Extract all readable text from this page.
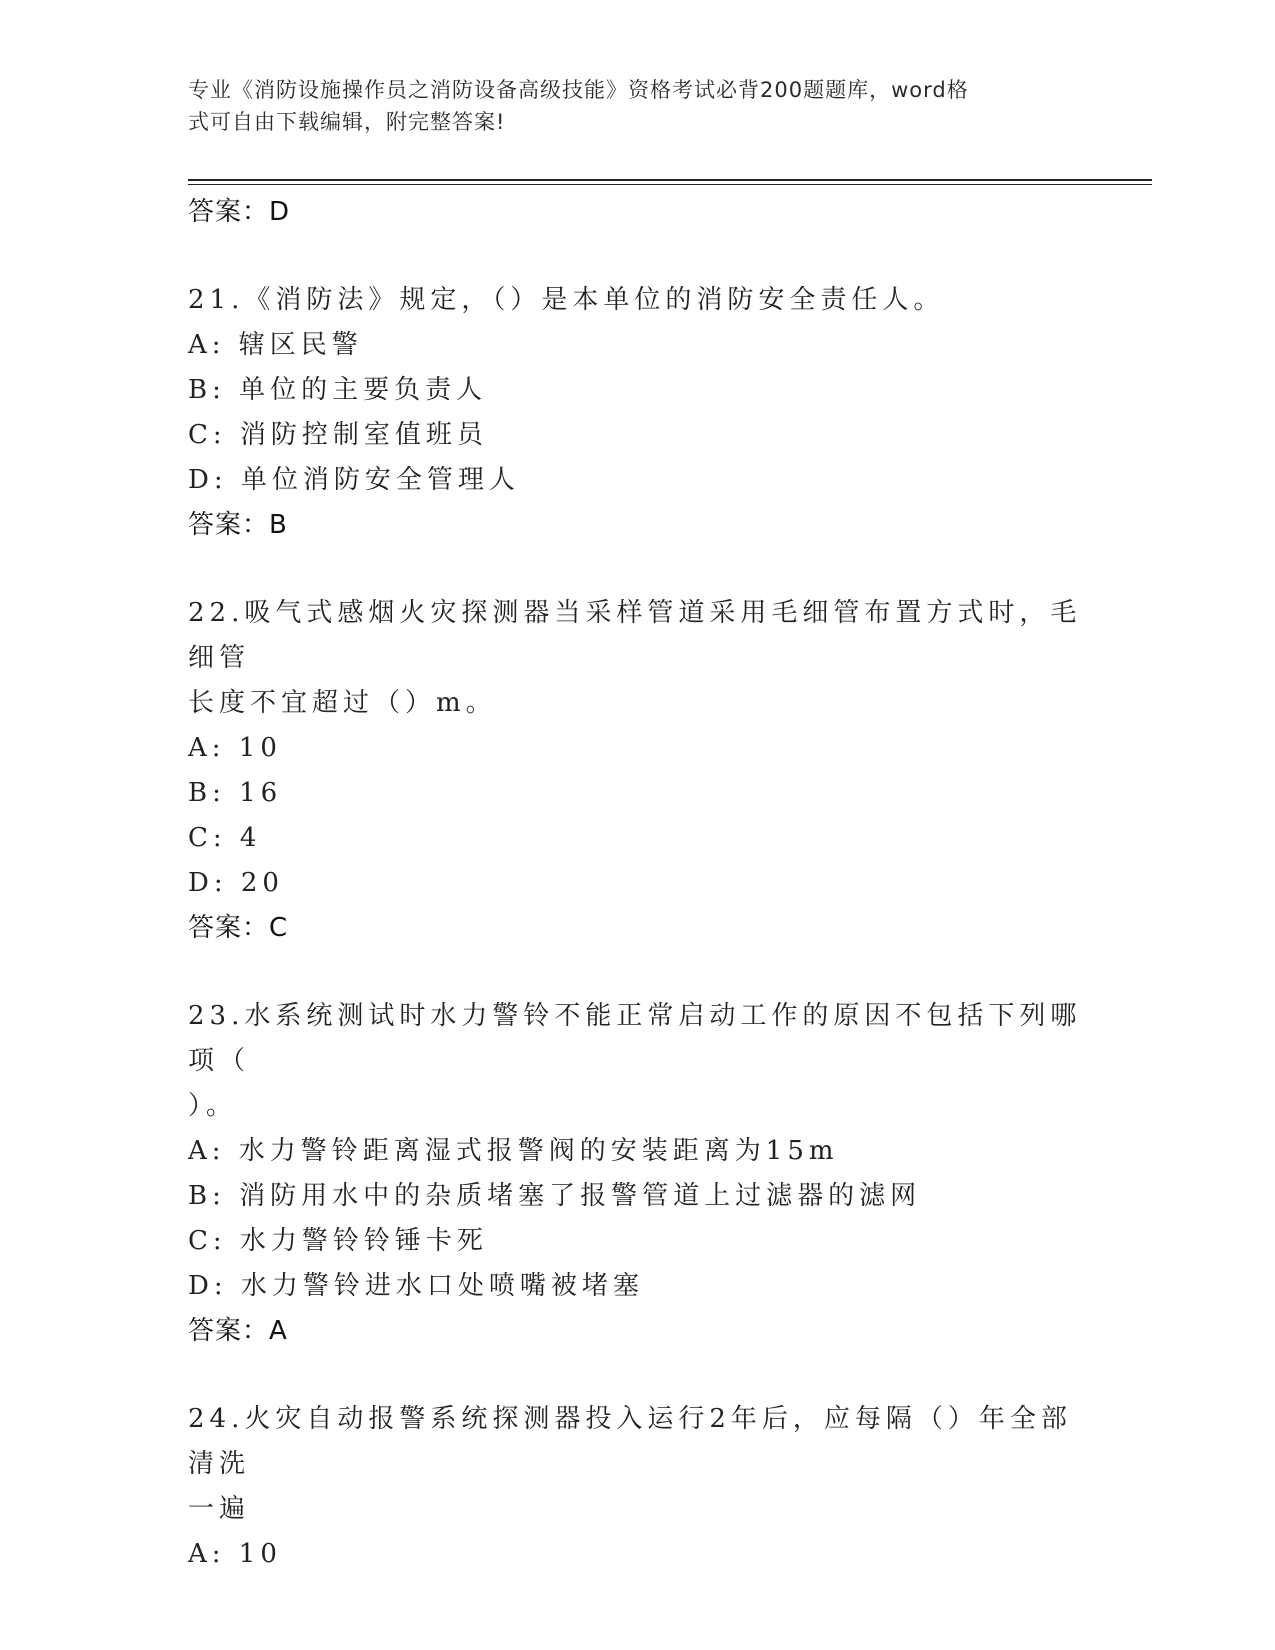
专业《消防设施操作员之消防设备高级技能》资格考试必背200题题库，word格
式可自由下载编辑，附完整答案!
答案：D
21.《消防法》规定，（）是本单位的消防安全责任人。
A: 辖区民警
B: 单位的主要负责人
C: 消防控制室值班员
D: 单位消防安全管理人
答案：B
22.吸气式感烟火灾探测器当采样管道采用毛细管布置方式时，毛细管
长度不宜超过（）m。
A: 10
B: 16
C: 4
D: 20
答案：C
23.水系统测试时水力警铃不能正常启动工作的原因不包括下列哪项（
）。
A: 水力警铃距离湿式报警阀的安装距离为15m
B: 消防用水中的杂质堵塞了报警管道上过滤器的滤网
C: 水力警铃铃锤卡死
D: 水力警铃进水口处喷嘴被堵塞
答案：A
24.火灾自动报警系统探测器投入运行2年后，应每隔（）年全部清洗
一遍
A: 10
